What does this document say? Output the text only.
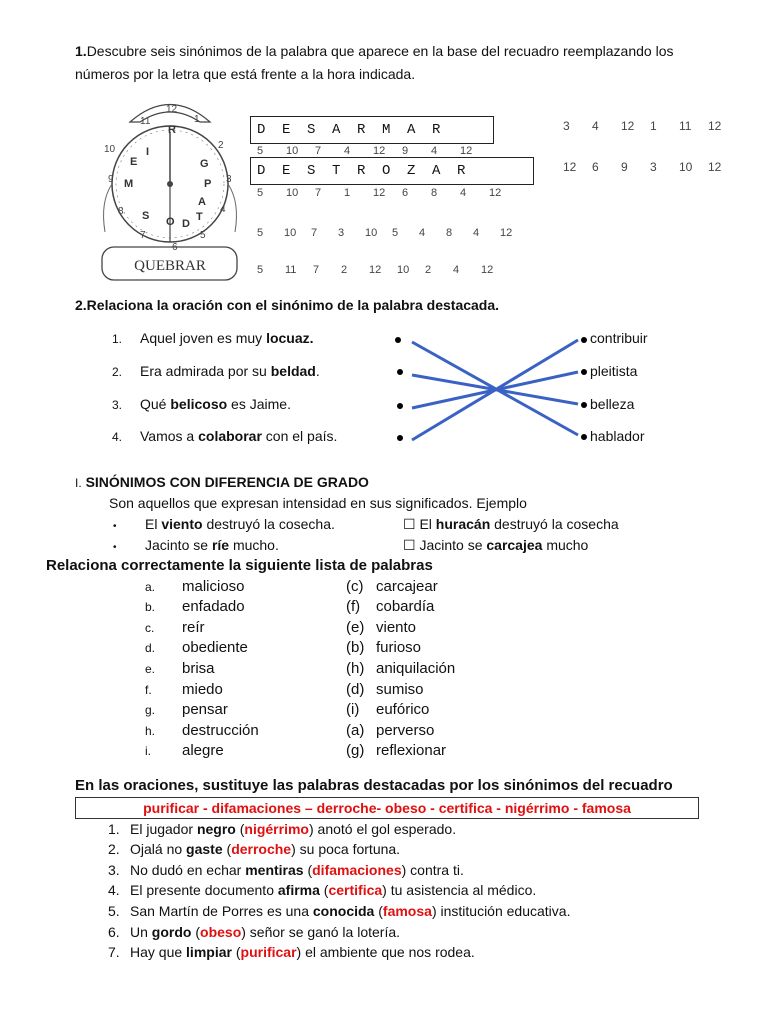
1.Descubre seis sinónimos de la palabra que aparece en la base del recuadro reemplazando los
números por la letra que está frente a la hora indicada.
QUEBRAR
12
1
2
3
4
5
6
7
8
9
10
11
R
I
E	G
M	P
A
T
S O D
D	E	S	A	R	M	A	R
5	10	7	4	12	9	4	12
D	E	S	T	R	O	Z	A	R
5	10	7	1	12	6	8	4	12
5	10	7	3	10	5	4	8	4	12
5	11	7	2	12	10	2	4	12
3	4	12	1	11	12
12	6	9	3	10	12
2.Relaciona la oración con el sinónimo de la palabra destacada.
1. Aquel joven es muy locuaz.
2. Era admirada por su beldad.
3. Qué belicoso es Jaime.
4. Vamos a colaborar con el país.
contribuir
pleitista
belleza
hablador
I. SINÓNIMOS CON DIFERENCIA DE GRADO
Son aquellos que expresan intensidad en sus significados. Ejemplo
• El viento destruyó la cosecha.	☐ El huracán destruyó la cosecha
• Jacinto se ríe mucho.	☐ Jacinto se carcajea mucho
Relaciona correctamente la siguiente lista de palabras
a.	malicioso	(c) carcajear
b.	enfadado	(f)	cobardía
c.	reír	(e) viento
d.	obediente	(b) furioso
e.	brisa	(h) aniquilación
f.	miedo	(d) sumiso
g.	pensar	(i)	eufórico
h.	destrucción	(a) perverso
i.	alegre	(g) reflexionar
En las oraciones, sustituye las palabras destacadas por los sinónimos del recuadro
purificar - difamaciones – derroche- obeso - certifica - nigérrimo - famosa
1. El jugador negro (nigérrimo) anotó el gol esperado.
2. Ojalá no gaste (derroche) su poca fortuna.
3. No dudó en echar mentiras (difamaciones) contra ti.
4. El presente documento afirma (certifica) tu asistencia al médico.
5. San Martín de Porres es una conocida (famosa) institución educativa.
6. Un gordo (obeso) señor se ganó la lotería.
7. Hay que limpiar (purificar) el ambiente que nos rodea.
